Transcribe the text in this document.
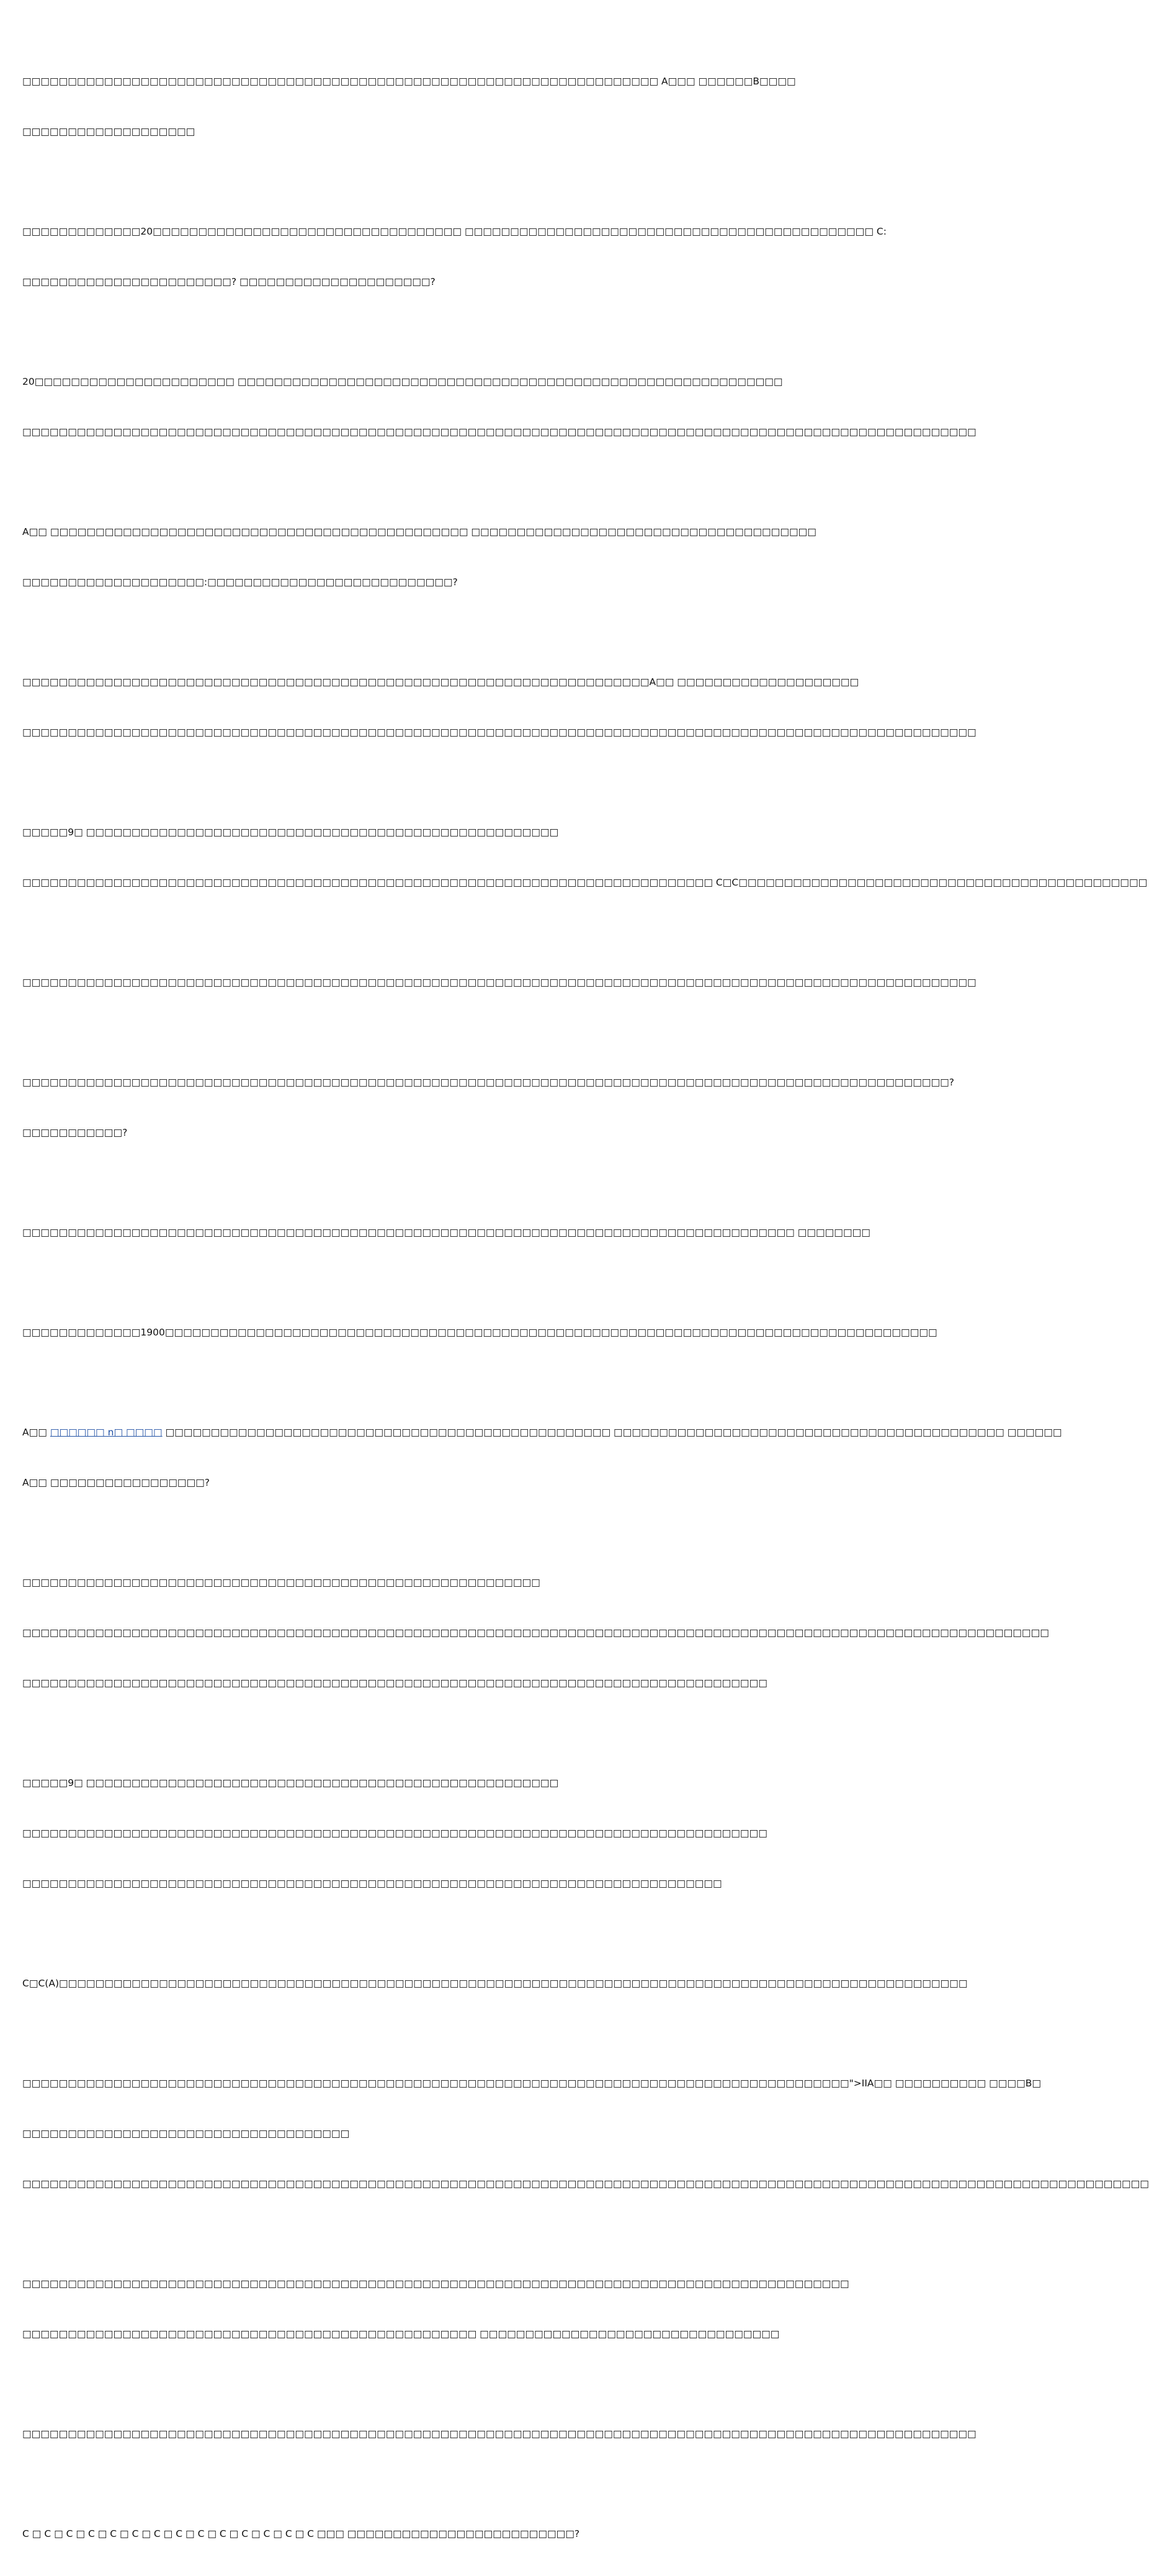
□□□□□□□□□□□□□□□□□□□□□□□□□□□□□□□□□□□□□□□□□□□□□□□□□□□□□□□□□□□□□□□□□□□□□□ A□□□ □□□□□□B□□□□

□□□□□□□□□□□□□□□□□□□

□□□□□□□□□□□□□20□□□□□□□□□□□□□□□□□□□□□□□□□□□□□□□□□□ □□□□□□□□□□□□□□□□□□□□□□□□□□□□□□□□□□□□□□□□□□□□□ C:

□□□□□□□□□□□□□□□□□□□□□□□? □□□□□□□□□□□□□□□□□□□□□?

20□□□□□□□□□□□□□□□□□□□□□□ □□□□□□□□□□□□□□□□□□□□□□□□□□□□□□□□□□□□□□□□□□□□□□□□□□□□□□□□□□□□

□□□□□□□□□□□□□□□□□□□□□□□□□□□□□□□□□□□□□□□□□□□□□□□□□□□□□□□□□□□□□□□□□□□□□□□□□□□□□□□□□□□□□□□□□□□□□□□□□□□□□□□□□

A□□ □□□□□□□□□□□□□□□□□□□□□□□□□□□□□□□□□□□□□□□□□□□□□□ □□□□□□□□□□□□□□□□□□□□□□□□□□□□□□□□□□□□□□

□□□□□□□□□□□□□□□□□□□□:□□□□□□□□□□□□□□□□□□□□□□□□□□□?

□□□□□□□□□□□□□□□□□□□□□□□□□□□□□□□□□□□□□□□□□□□□□□□□□□□□□□□□□□□□□□□□□□□□□A□□ □□□□□□□□□□□□□□□□□□□□

□□□□□□□□□□□□□□□□□□□□□□□□□□□□□□□□□□□□□□□□□□□□□□□□□□□□□□□□□□□□□□□□□□□□□□□□□□□□□□□□□□□□□□□□□□□□□□□□□□□□□□□□□

□□□□□9□ □□□□□□□□□□□□□□□□□□□□□□□□□□□□□□□□□□□□□□□□□□□□□□□□□□□□

□□□□□□□□□□□□□□□□□□□□□□□□□□□□□□□□□□□□□□□□□□□□□□□□□□□□□□□□□□□□□□□□□□□□□□□□□□□□ C□C□□□□□□□□□□□□□□□□□□□□□□□□□□□□□□□□□□□□□□□□□□□□□

□□□□□□□□□□□□□□□□□□□□□□□□□□□□□□□□□□□□□□□□□□□□□□□□□□□□□□□□□□□□□□□□□□□□□□□□□□□□□□□□□□□□□□□□□□□□□□□□□□□□□□□□□

□□□□□□□□□□□□□□□□□□□□□□□□□□□□□□□□□□□□□□□□□□□□□□□□□□□□□□□□□□□□□□□□□□□□□□□□□□□□□□□□□□□□□□□□□□□□□□□□□□□□□□?

□□□□□□□□□□□?

□□□□□□□□□□□□□□□□□□□□□□□□□□□□□□□□□□□□□□□□□□□□□□□□□□□□□□□□□□□□□□□□□□□□□□□□□□□□□□□□□□□□□ □□□□□□□□

□□□□□□□□□□□□□1900□□□□□□□□□□□□□□□□□□□□□□□□□□□□□□□□□□□□□□□□□□□□□□□□□□□□□□□□□□□□□□□□□□□□□□□□□□□□□□□□□□□□□

A□□ □□□□□□ n□ □□□□ □□□□□□□□□□□□□□□□□□□□□□□□□□□□□□□□□□□□□□□□□□□□□□□□□ □□□□□□□□□□□□□□□□□□□□□□□□□□□□□□□□□□□□□□□□□□□ □□□□□□

A□□ □□□□□□□□□□□□□□□□□?

□□□□□□□□□□□□□□□□□□□□□□□□□□□□□□□□□□□□□□□□□□□□□□□□□□□□□□□□□

□□□□□□□□□□□□□□□□□□□□□□□□□□□□□□□□□□□□□□□□□□□□□□□□□□□□□□□□□□□□□□□□□□□□□□□□□□□□□□□□□□□□□□□□□□□□□□□□□□□□□□□□□□□□□□□□□

□□□□□□□□□□□□□□□□□□□□□□□□□□□□□□□□□□□□□□□□□□□□□□□□□□□□□□□□□□□□□□□□□□□□□□□□□□□□□□□□□□

□□□□□9□ □□□□□□□□□□□□□□□□□□□□□□□□□□□□□□□□□□□□□□□□□□□□□□□□□□□□

□□□□□□□□□□□□□□□□□□□□□□□□□□□□□□□□□□□□□□□□□□□□□□□□□□□□□□□□□□□□□□□□□□□□□□□□□□□□□□□□□□

□□□□□□□□□□□□□□□□□□□□□□□□□□□□□□□□□□□□□□□□□□□□□□□□□□□□□□□□□□□□□□□□□□□□□□□□□□□□□

C□C(A)□□□□□□□□□□□□□□□□□□□□□□□□□□□□□□□□□□□□□□□□□□□□□□□□□□□□□□□□□□□□□□□□□□□□□□□□□□□□□□□□□□□□□□□□□□□□□□□□□□□□

□□□□□□□□□□□□□□□□□□□□□□□□□□□□□□□□□□□□□□□□□□□□□□□□□□□□□□□□□□□□□□□□□□□□□□□□□□□□□□□□□□□□□□□□□□□">IIA□□ □□□□□□□□□□ □□□□B□

□□□□□□□□□□□□□□□□□□□□□□□□□□□□□□□□□□□□

□□□□□□□□□□□□□□□□□□□□□□□□□□□□□□□□□□□□□□□□□□□□□□□□□□□□□□□□□□□□□□□□□□□□□□□□□□□□□□□□□□□□□□□□□□□□□□□□□□□□□□□□□□□□□□□□□□□□□□□□□□□□

□□□□□□□□□□□□□□□□□□□□□□□□□□□□□□□□□□□□□□□□□□□□□□□□□□□□□□□□□□□□□□□□□□□□□□□□□□□□□□□□□□□□□□□□□□□

□□□□□□□□□□□□□□□□□□□□□□□□□□□□□□□□□□□□□□□□□□□□□□□□□□ □□□□□□□□□□□□□□□□□□□□□□□□□□□□□□□□□

□□□□□□□□□□□□□□□□□□□□□□□□□□□□□□□□□□□□□□□□□□□□□□□□□□□□□□□□□□□□□□□□□□□□□□□□□□□□□□□□□□□□□□□□□□□□□□□□□□□□□□□□□

C □ C □ C □ C □ C □ C □ C □ C □ C □ C □ C □ C □ C □ C □□□ □□□□□□□□□□□□□□□□□□□□□□□□□?
